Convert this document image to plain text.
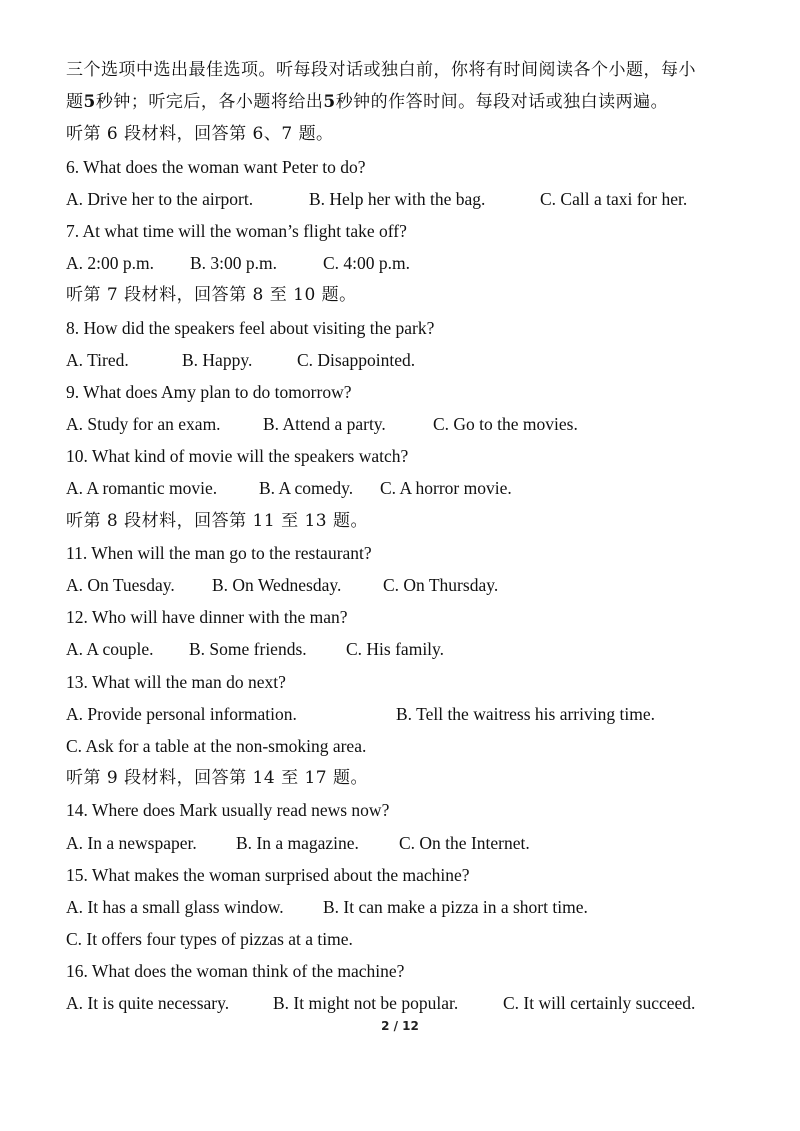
三个选项中选出最佳选项。听每段对话或独白前，你将有时间阅读各个小题，每小
题5秒钟；听完后，各小题将给出5秒钟的作答时间。每段对话或独白读两遍。
听第 6 段材料，回答第 6、7 题。
6. What does the woman want Peter to do?
A. Drive her to the airport.	B. Help her with the bag.	C. Call a taxi for her.
7. At what time will the woman’s flight take off?
A. 2:00 p.m. B. 3:00 p.m.	C. 4:00 p.m.
听第 7 段材料，回答第 8 至 10 题。
8. How did the speakers feel about visiting the park?
A. Tired.	B. Happy.	C. Disappointed.
9. What does Amy plan to do tomorrow?
A. Study for an exam. B. Attend a party.	C. Go to the movies.
10. What kind of movie will the speakers watch?
A. A romantic movie. B. A comedy. C. A horror movie.
听第 8 段材料，回答第 11 至 13 题。
11. When will the man go to the restaurant?
A. On Tuesday. B. On Wednesday. C. On Thursday.
12. Who will have dinner with the man?
A. A couple. B. Some friends. C. His family.
13. What will the man do next?
A. Provide personal information.	B. Tell the waitress his arriving time.
C. Ask for a table at the non-smoking area.
听第 9 段材料，回答第 14 至 17 题。
14. Where does Mark usually read news now?
A. In a newspaper. B. In a magazine. C. On the Internet.
15. What makes the woman surprised about the machine?
A. It has a small glass window. B. It can make a pizza in a short time.
C. It offers four types of pizzas at a time.
16. What does the woman think of the machine?
A. It is quite necessary.	B. It might not be popular.	C. It will certainly succeed.
2 / 12
